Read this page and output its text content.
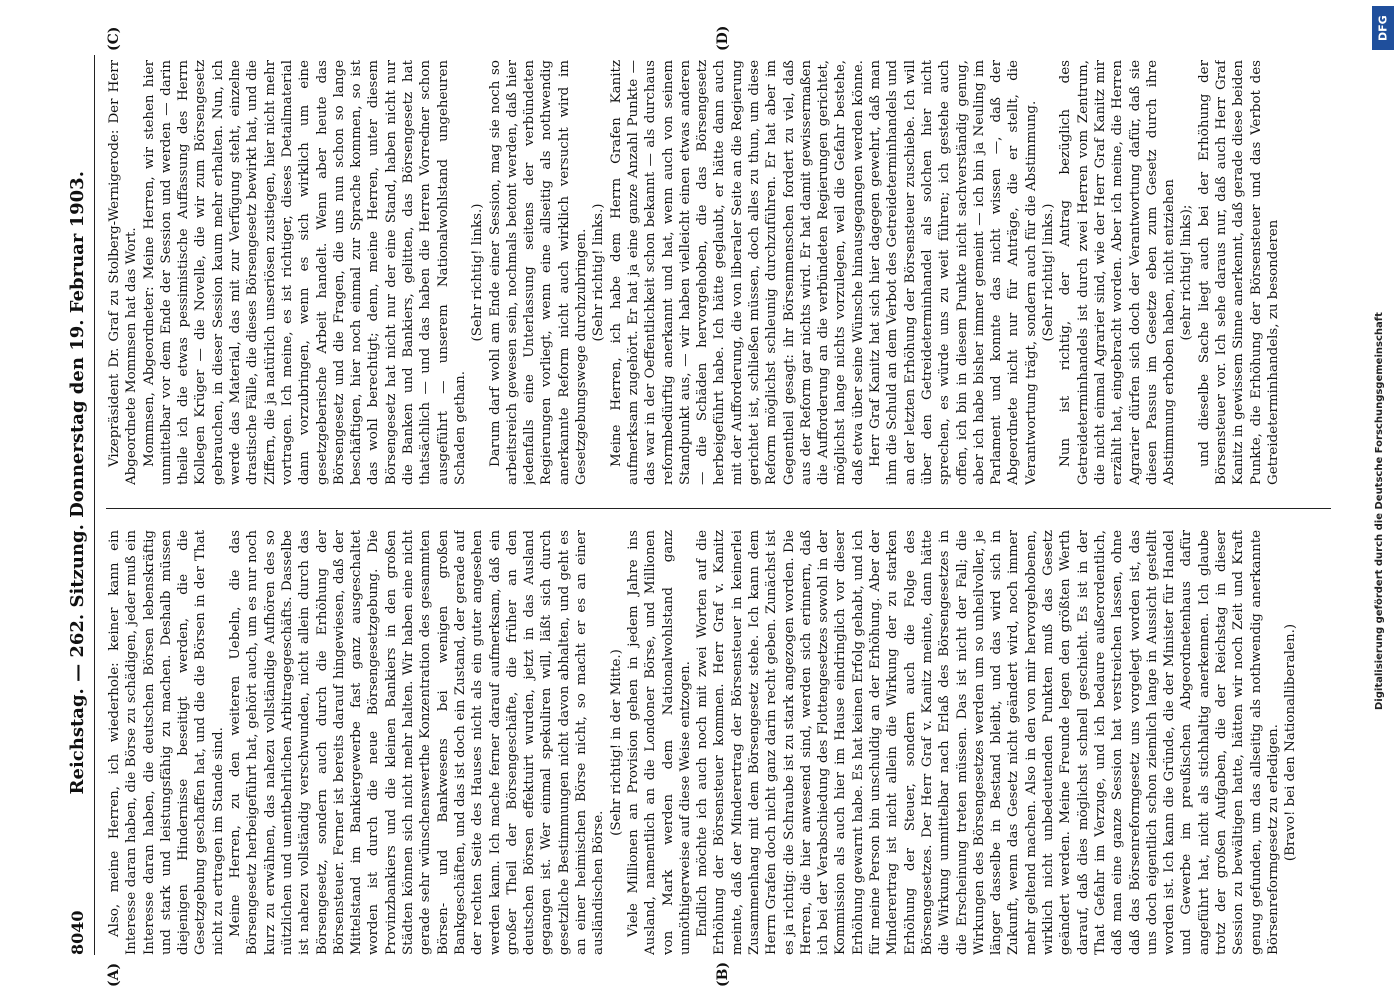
8040
Reichstag. — 262. Sitzung. Donnerstag den 19. Februar 1903.
(A)	(B)
(C)	(D)

Also, meine Herren, ich wiederhole: keiner kann ein Interesse daran haben, die Börse zu schädigen, jeder muß ein Interesse daran haben, die deutschen Börsen lebenskräftig und stark und leistungsfähig zu machen. Deshalb müssen diejenigen Hindernisse beseitigt werden, die die Gesetzgebung geschaffen hat, und die die Börsen in der That nicht zu ertragen im Stande sind. Meine Herren, zu den weiteren Uebeln, die das Börsengesetz herbeigeführt hat, gehört auch, um es nur noch kurz zu erwähnen, das nahezu vollständige Aufhören des so nützlichen und unentbehrlichen Arbitragegeschäfts. Dasselbe ist nahezu vollständig verschwunden, nicht allein durch das Börsengesetz, sondern auch durch die Erhöhung der Börsensteuer. Ferner ist bereits darauf hingewiesen, daß der Mittelstand im Bankiergewerbe fast ganz ausgeschaltet worden ist durch die neue Börsengesetzgebung. Die Provinzbankiers und die kleinen Bankiers in den großen Städten können sich nicht mehr halten. Wir haben eine nicht gerade sehr wünschenswerthe Konzentration des gesammten Börsen- und Bankwesens bei wenigen großen Bankgeschäften, und das ist doch ein Zustand, der gerade auf der rechten Seite des Hauses nicht als ein guter angesehen werden kann. Ich mache ferner darauf aufmerksam, daß ein großer Theil der Börsengeschäfte, die früher an den deutschen Börsen effektuirt wurden, jetzt in das Ausland gegangen ist. Wer einmal spekuliren will, läßt sich durch gesetzliche Bestimmungen nicht davon abhalten, und geht es an einer heimischen Börse nicht, so macht er es an einer ausländischen Börse.

(Sehr richtig! in der Mitte.) Viele Millionen an Provision gehen in jedem Jahre ins Ausland, namentlich an die Londoner Börse, und Millionen von Mark werden dem Nationalwohlstand ganz unnöthigerweise auf diese Weise entzogen. Endlich möchte ich auch noch mit zwei Worten auf die Erhöhung der Börsensteuer kommen. Herr Graf v. Kanitz meinte, daß der Minderertrag der Börsensteuer in keinerlei Zusammenhang mit dem Börsengesetz stehe. Ich kann dem Herrn Grafen doch nicht ganz darin recht geben. Zunächst ist es ja richtig: die Schraube ist zu stark angezogen worden. Die Herren, die hier anwesend sind, werden sich erinnern, daß ich bei der Verabschiedung des Flottengesetzes sowohl in der Kommission als auch hier im Hause eindringlich vor dieser Erhöhung gewarnt habe. Es hat keinen Erfolg gehabt, und ich für meine Person bin unschuldig an der Erhöhung. Aber der Minderertrag ist nicht allein die Wirkung der zu starken Erhöhung der Steuer, sondern auch die Folge des Börsengesetzes. Der Herr Graf v. Kanitz meinte, dann hätte die Wirkung unmittelbar nach Erlaß des Börsengesetzes in die Erscheinung treten müssen. Das ist nicht der Fall; die Wirkungen des Börsengesetzes werden um so unheilvoller, je länger dasselbe in Bestand bleibt, und das wird sich in Zukunft, wenn das Gesetz nicht geändert wird, noch immer mehr geltend machen. Also in den von mir hervorgehobenen, wirklich nicht unbedeutenden Punkten muß das Gesetz geändert werden. Meine Freunde legen den größten Werth darauf, daß dies möglichst schnell geschieht. Es ist in der That Gefahr im Verzuge, und ich bedaure außerordentlich, daß man eine ganze Session hat verstreichen lassen, ohne daß das Börsenreformgesetz uns vorgelegt worden ist, das uns doch eigentlich schon ziemlich lange in Aussicht gestellt worden ist. Ich kann die Gründe, die der Minister für Handel und Gewerbe im preußischen Abgeordnetenhaus dafür angeführt hat, nicht als stichhaltig anerkennen. Ich glaube trotz der großen Aufgaben, die der Reichstag in dieser Session zu bewältigen hatte, hätten wir noch Zeit und Kraft genug gefunden, um das allseitig als nothwendig anerkannte Börsenreformgesetz zu erledigen. (Bravo! bei den Nationalliberalen.)

Vizepräsident Dr. Graf zu Stolberg-Wernigerode: Der Herr Abgeordnete Mommsen hat das Wort. Mommsen, Abgeordneter: Meine Herren, wir stehen hier unmittelbar vor dem Ende der Session und werden — darin theile ich die etwas pessimistische Auffassung des Herrn Kollegen Krüger — die Novelle, die wir zum Börsengesetz gebrauchen, in dieser Session kaum mehr erhalten. Nun, ich werde das Material, das mit zur Verfügung steht, einzelne drastische Fälle, die dieses Börsengesetz bewirkt hat, und die Ziffern, die ja natürlich unseriösen zustiegen, hier nicht mehr vortragen. Ich meine, es ist richtiger, dieses Detailmaterial dann vorzubringen, wenn es sich wirklich um eine gesetzgeberische Arbeit handelt. Wenn aber heute das Börsengesetz und die Fragen, die uns nun schon so lange beschäftigen, hier noch einmal zur Sprache kommen, so ist das wohl berechtigt; denn, meine Herren, unter diesem Börsengesetz hat nicht nur der eine Stand, haben nicht nur die Banken und Bankiers, gelitten, das Börsengesetz hat thatsächlich — und das haben die Herren Vorredner schon ausgeführt — unserem Nationalwohlstand ungeheuren Schaden gethan.

(Sehr richtig! links.) Darum darf wohl am Ende einer Session, mag sie noch so arbeitsreich gewesen sein, nochmals betont werden, daß hier jedenfalls eine Unterlassung seitens der verbündeten Regierungen vorliegt, wenn eine allseitig als nothwendig anerkannte Reform nicht auch wirklich versucht wird im Gesetzgebungswege durchzubringen. (Sehr richtig! links.) Meine Herren, ich habe dem Herrn Grafen Kanitz aufmerksam zugehört. Er hat ja eine ganze Anzahl Punkte — das war in der Oeffentlichkeit schon bekannt — als durchaus reformbedürftig anerkannt und hat, wenn auch von seinem Standpunkt aus, — wir haben vielleicht einen etwas anderen — die Schäden hervorgehoben, die das Börsengesetz herbeigeführt habe. Ich hätte geglaubt, er hätte dann auch mit der Aufforderung, die von liberaler Seite an die Regierung gerichtet ist, schließen müssen, doch alles zu thun, um diese Reform möglichst schleunig durchzuführen. Er hat aber im Gegentheil gesagt: ihr Börsenmenschen fordert zu viel, daß aus der Reform gar nichts wird. Er hat damit gewissermaßen die Aufforderung an die verbündeten Regierungen gerichtet, möglichst lange nichts vorzulegen, weil die Gefahr bestehe, daß etwa über seine Wünsche hinausgegangen werden könne. Herr Graf Kanitz hat sich hier dagegen gewehrt, daß man ihm die Schuld an dem Verbot des Getreideterminhandels und an der letzten Erhöhung der Börsensteuer zuschiebe. Ich will über den Getreideterminhandel als solchen hier nicht sprechen, es würde uns zu weit führen; ich gestehe auch offen, ich bin in diesem Punkte nicht sachverständig genug, aber ich habe bisher immer gemeint — ich bin ja Neuling im Parlament und konnte das nicht wissen —, daß der Abgeordnete nicht nur für Anträge, die er stellt, die Verantwortung trägt, sondern auch für die Abstimmung. (Sehr richtig! links.) Nun ist richtig, der Antrag bezüglich des Getreideterminhandels ist durch zwei Herren vom Zentrum, die nicht einmal Agrarier sind, wie der Herr Graf Kanitz mir erzählt hat, eingebracht worden. Aber ich meine, die Herren Agrarier dürfen sich doch der Verantwortung dafür, daß sie diesen Passus im Gesetze eben zum Gesetz durch ihre Abstimmung erhoben haben, nicht entziehen (sehr richtig! links); und dieselbe Sache liegt auch bei der Erhöhung der Börsensteuer vor. Ich sehe daraus nur, daß auch Herr Graf Kanitz in gewissem Sinne anerkennt, daß gerade diese beiden Punkte, die Erhöhung der Börsensteuer und das Verbot des Getreideterminhandels, zu besonderen

DFG
Digitalisierung gefördert durch die Deutsche Forschungsgemeinschaft
